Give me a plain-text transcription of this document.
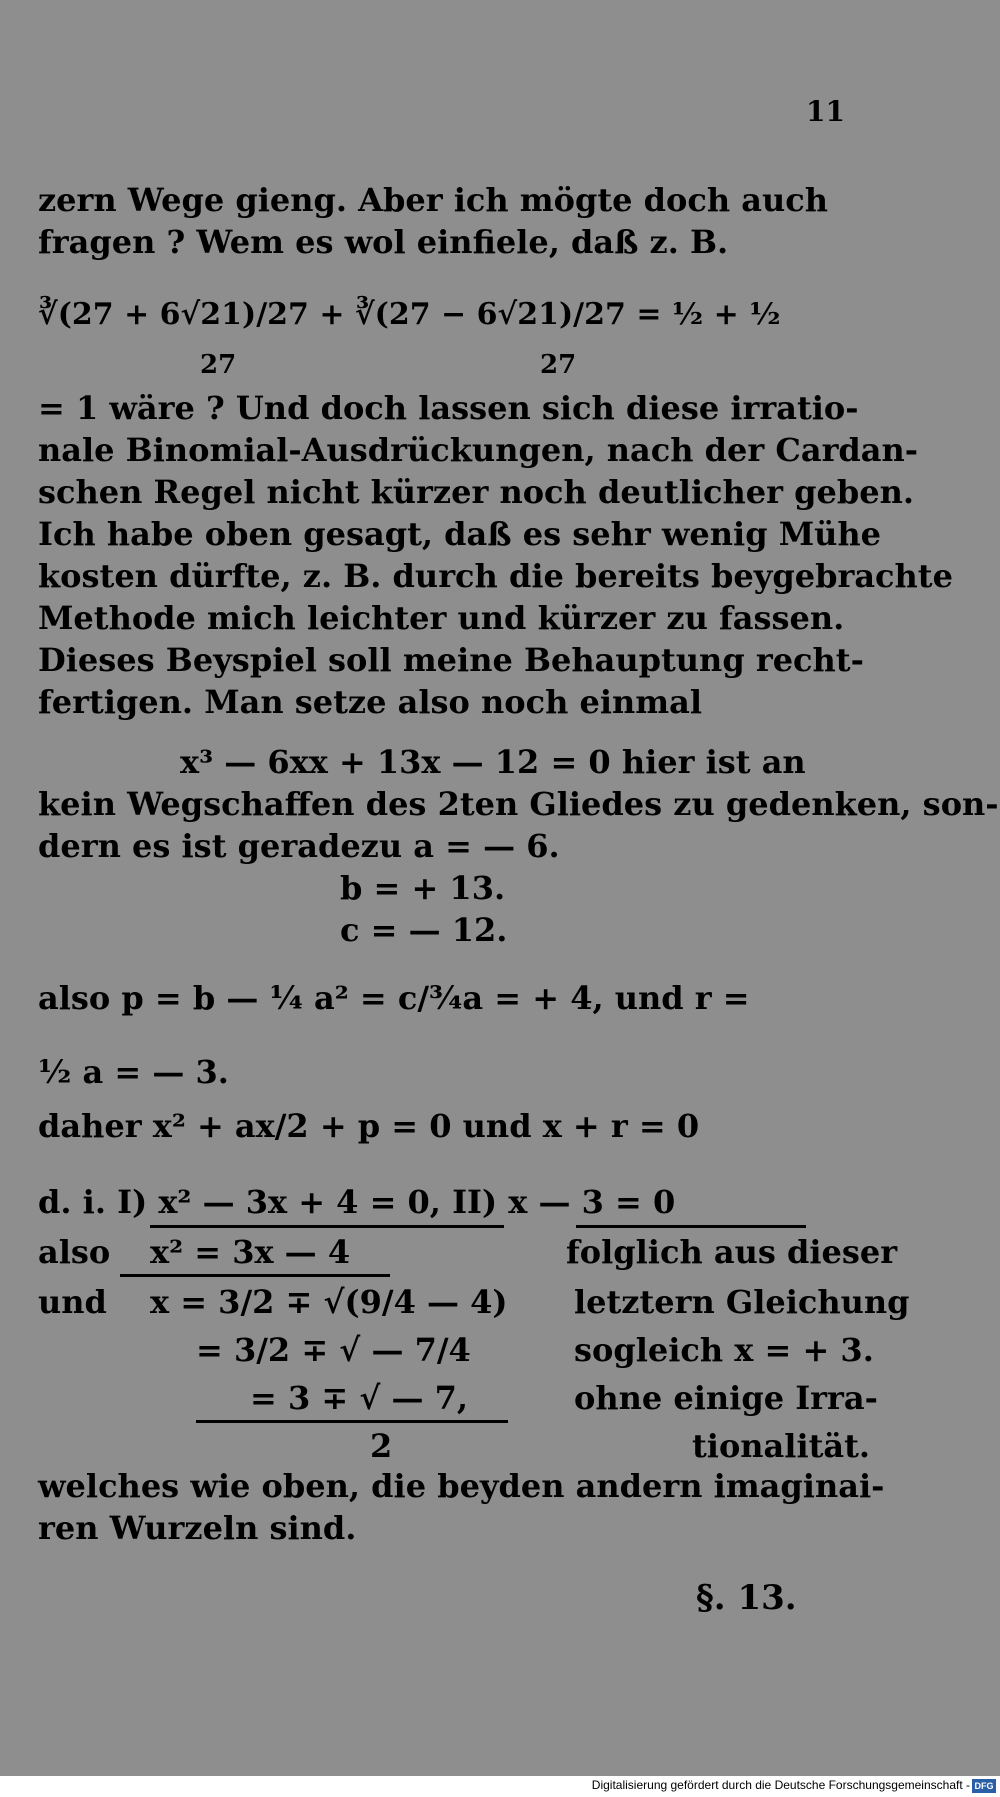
11
zern Wege gieng. Aber ich mögte doch auch
fragen ? Wem es wol einfiele, daß z. B.
∛(27 + 6√21)/27 + ∛(27 − 6√21)/27 = ½ + ½
27	27
= 1 wäre ? Und doch lassen sich diese irratio-
nale Binomial-Ausdrückungen, nach der Cardan-
schen Regel nicht kürzer noch deutlicher geben.
Ich habe oben gesagt, daß es sehr wenig Mühe
kosten dürfte, z. B. durch die bereits beygebrachte
Methode mich leichter und kürzer zu fassen.
Dieses Beyspiel soll meine Behauptung recht-
fertigen. Man setze also noch einmal
x³ — 6xx + 13x — 12 = 0 hier ist an
kein Wegschaffen des 2ten Gliedes zu gedenken, son-
dern es ist geradezu a = — 6.
b = + 13.
c = — 12.
also p = b — ¼ a² = c/¾a = + 4, und r =
½ a = — 3.
daher x² + ax/2 + p = 0 und x + r = 0
d. i. I) x² — 3x + 4 = 0, II) x — 3 = 0
also x² = 3x — 4	folglich aus dieser
und x = 3/2 ∓ √(9/4 — 4) letztern Gleichung
= 3/2 ∓ √ — 7/4	sogleich x = + 3.
= 3 ∓ √ — 7,	ohne einige Irra-
2	tionalität.
welches wie oben, die beyden andern imaginai-
ren Wurzeln sind.
§. 13.
Digitalisierung gefördert durch die Deutsche Forschungsgemeinschaft - DFG
